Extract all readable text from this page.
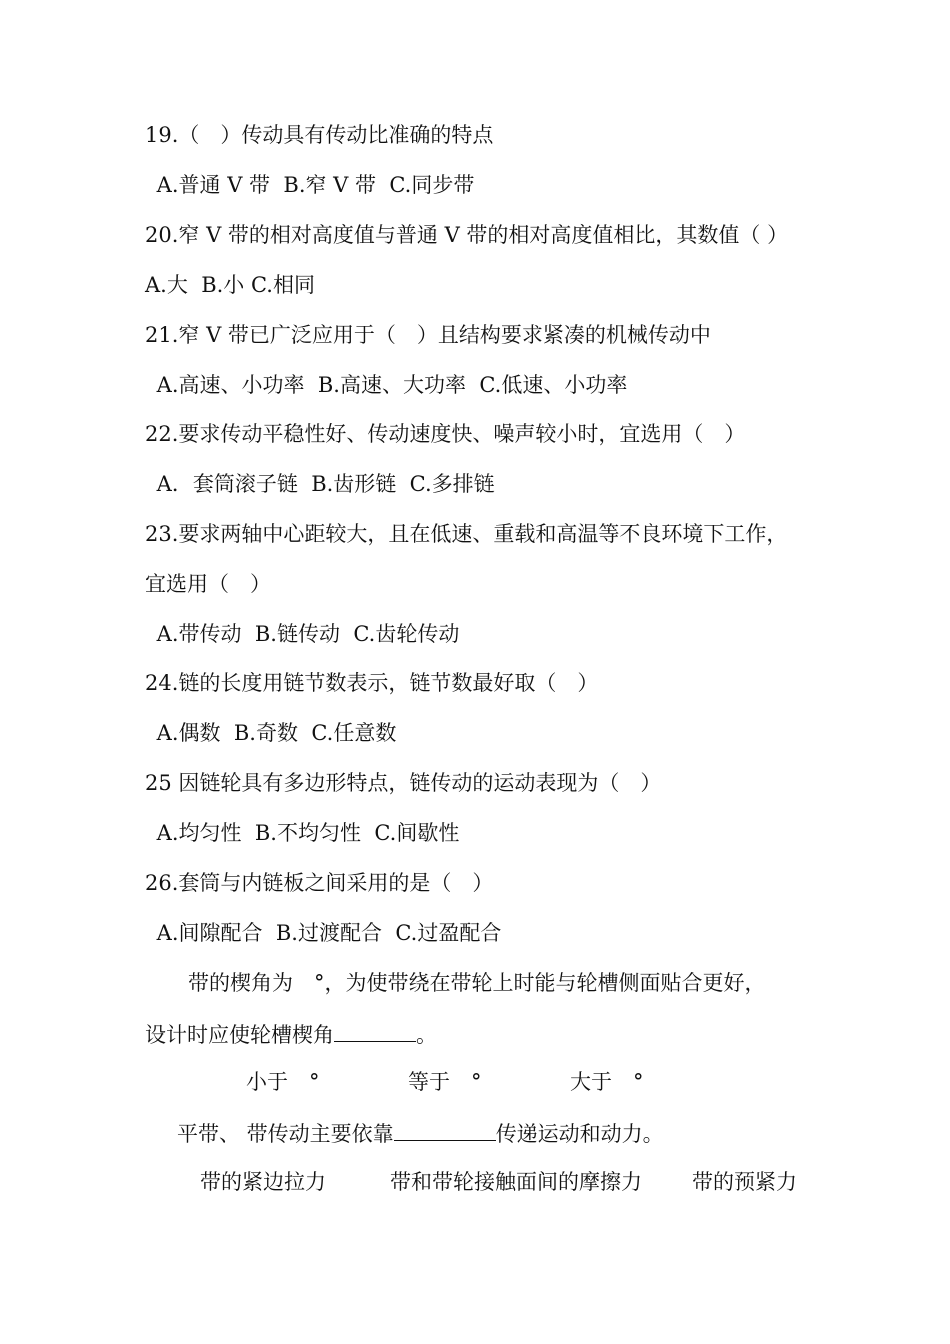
19.（　）传动具有传动比准确的特点
A.普通 V 带  B.窄 V 带  C.同步带
20.窄 V 带的相对高度值与普通 V 带的相对高度值相比，其数值（ ）
A.大  B.小 C.相同
21.窄 V 带已广泛应用于（　）且结构要求紧凑的机械传动中
A.高速、小功率  B.高速、大功率  C.低速、小功率
22.要求传动平稳性好、传动速度快、噪声较小时，宜选用（　）
A．套筒滚子链  B.齿形链  C.多排链
23.要求两轴中心距较大，且在低速、重载和高温等不良环境下工作，
宜选用（　）
A.带传动  B.链传动  C.齿轮传动
24.链的长度用链节数表示，链节数最好取（　）
A.偶数  B.奇数  C.任意数
25 因链轮具有多边形特点，链传动的运动表现为（　）
A.均匀性  B.不均匀性  C.间歇性
26.套筒与内链板之间采用的是（　）
A.间隙配合  B.过渡配合  C.过盈配合
带的楔角为　°，为使带绕在带轮上时能与轮槽侧面贴合更好，
设计时应使轮槽楔角	。
小于　°	等于　°	大于　°
平带、 带传动主要依靠	传递运动和动力。
带的紧边拉力	带和带轮接触面间的摩擦力 带的预紧力
